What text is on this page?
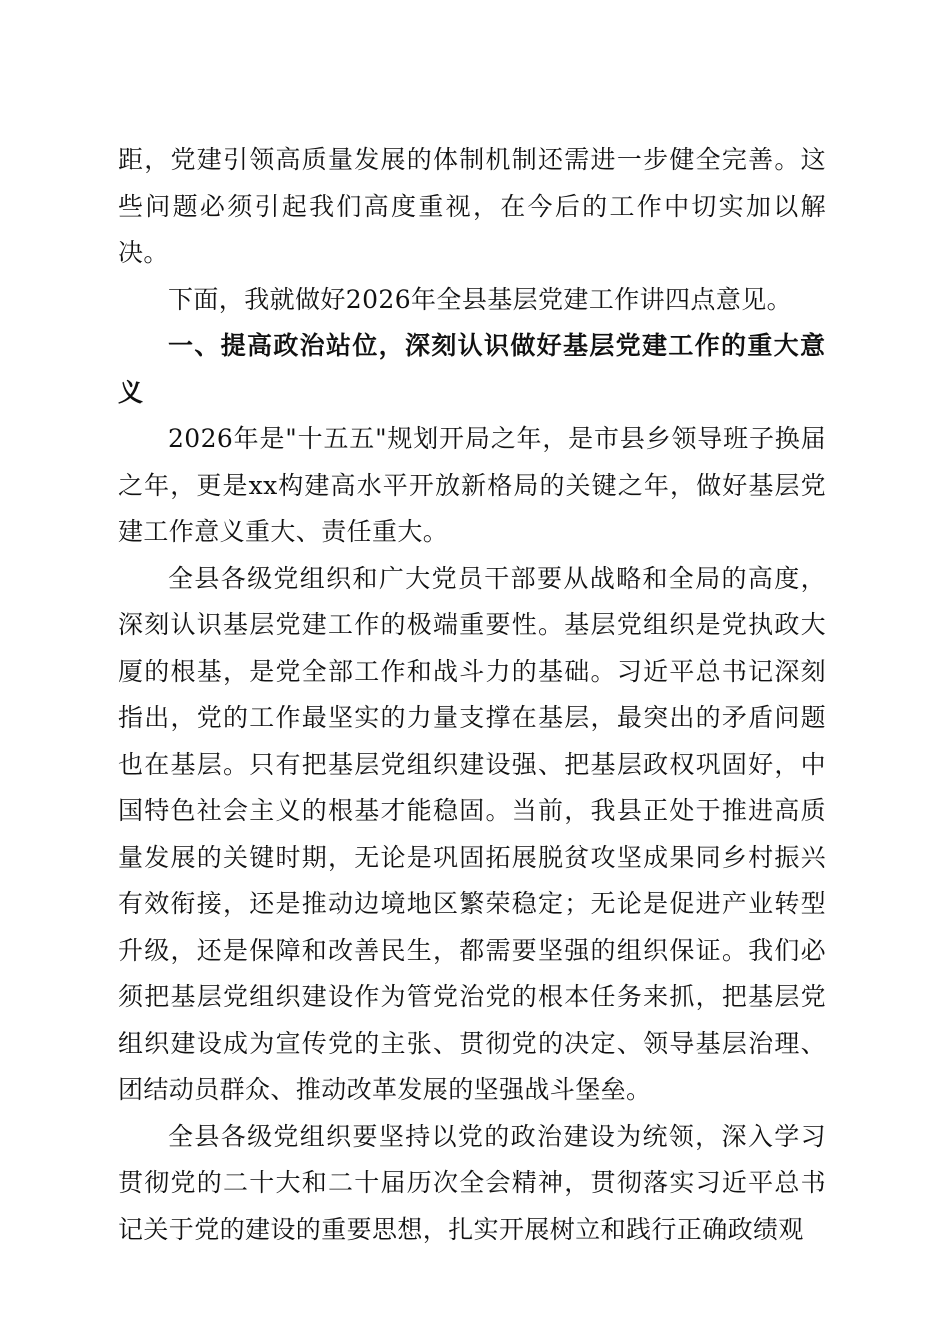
距，党建引领高质量发展的体制机制还需进一步健全完善。这些问题必须引起我们高度重视，在今后的工作中切实加以解决。

下面，我就做好2026年全县基层党建工作讲四点意见。

一、提高政治站位，深刻认识做好基层党建工作的重大意义

2026年是"十五五"规划开局之年，是市县乡领导班子换届之年，更是xx构建高水平开放新格局的关键之年，做好基层党建工作意义重大、责任重大。

全县各级党组织和广大党员干部要从战略和全局的高度，深刻认识基层党建工作的极端重要性。基层党组织是党执政大厦的根基，是党全部工作和战斗力的基础。习近平总书记深刻指出，党的工作最坚实的力量支撑在基层，最突出的矛盾问题也在基层。只有把基层党组织建设强、把基层政权巩固好，中国特色社会主义的根基才能稳固。当前，我县正处于推进高质量发展的关键时期，无论是巩固拓展脱贫攻坚成果同乡村振兴有效衔接，还是推动边境地区繁荣稳定；无论是促进产业转型升级，还是保障和改善民生，都需要坚强的组织保证。我们必须把基层党组织建设作为管党治党的根本任务来抓，把基层党组织建设成为宣传党的主张、贯彻党的决定、领导基层治理、团结动员群众、推动改革发展的坚强战斗堡垒。

全县各级党组织要坚持以党的政治建设为统领，深入学习贯彻党的二十大和二十届历次全会精神，贯彻落实习近平总书记关于党的建设的重要思想，扎实开展树立和践行正确政绩观
